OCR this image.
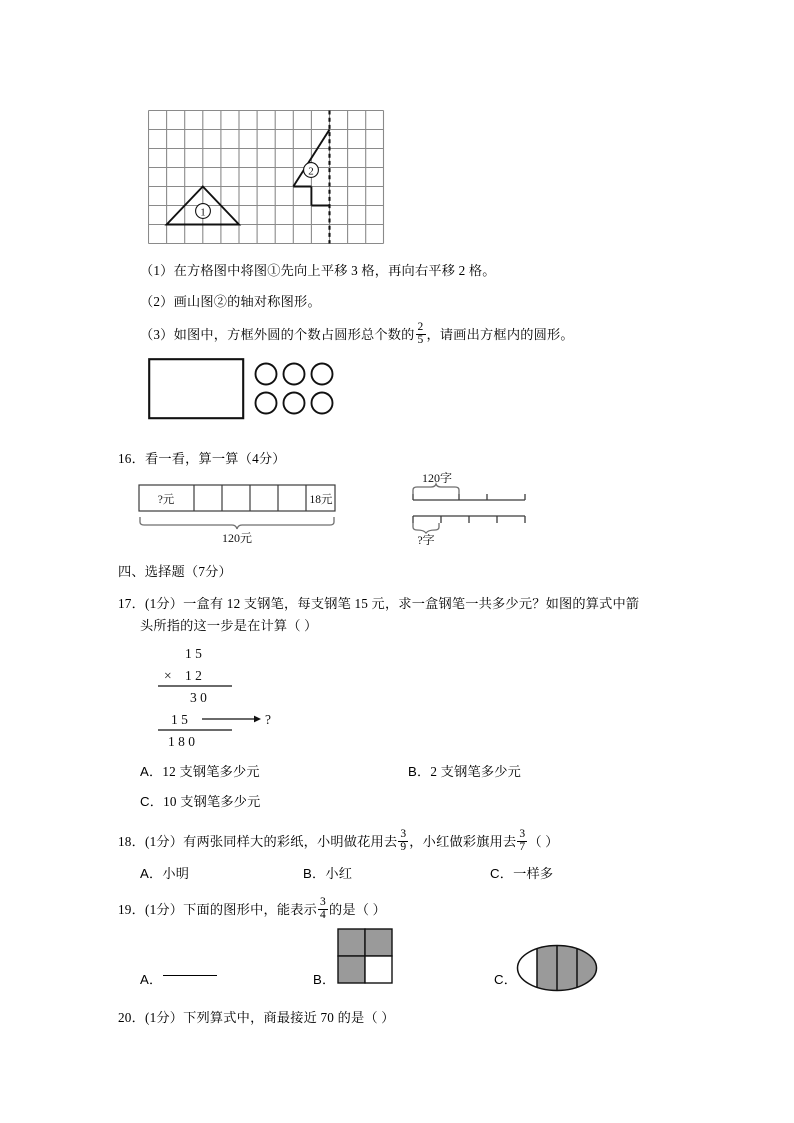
1
2
（1）在方格图中将图①先向上平移 3 格，再向右平移 2 格。
（2）画山图②的轴对称图形。
（3）如图中，方框外圆的个数占圆形总个数的 $\frac{2}{5}$ ，请画出方框内的圆形。
16．看一看，算一算（4分）
?元	18元
120元
120字
?字
四、选择题（7分）
17．(1分）一盒有 12 支钢笔，每支钢笔 15 元，求一盒钢笔一共多少元？如图的算式中箭
头所指的这一步是在计算（ ）
1 5
× 1 2
3 0
1 5	?
1 8 0
A．12 支钢笔多少元	B．2 支钢笔多少元
C．10 支钢笔多少元
18．(1分）有两张同样大的彩纸，小明做花用去 $\frac{3}{9}$ ，小红做彩旗用去 $\frac{3}{7}$ （ ）
A．小明	B．小红	C．一样多
19．(1分）下面的图形中，能表示 $\frac{3}{4}$ 的是（ ）
A．	B．	C．
20．(1分）下列算式中，商最接近 70 的是（ ）
